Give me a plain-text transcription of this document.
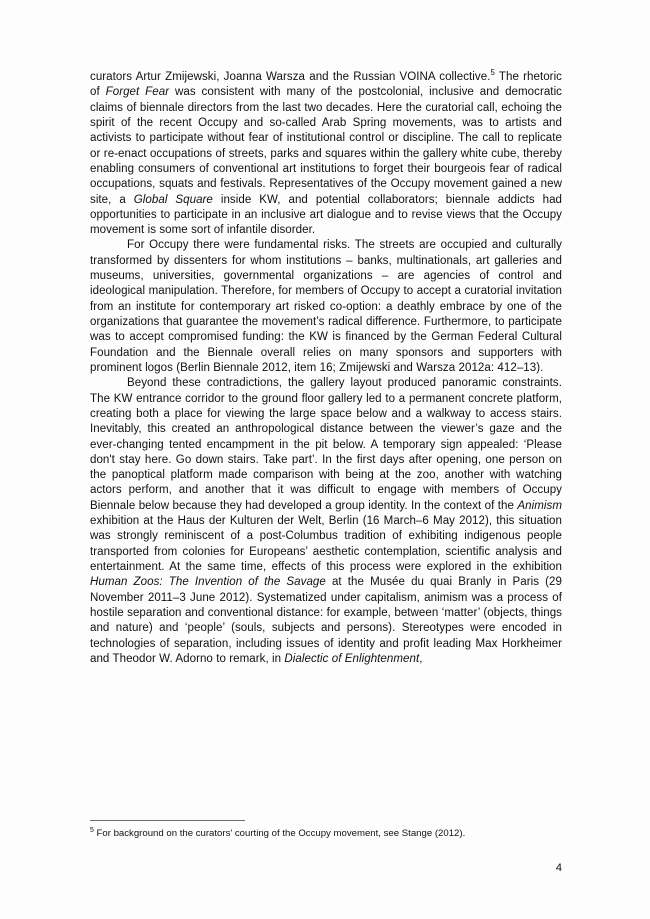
curators Artur Zmijewski, Joanna Warsza and the Russian VOINA collective.$^5$ The rhetoric of Forget Fear was consistent with many of the postcolonial, inclusive and democratic claims of biennale directors from the last two decades. Here the curatorial call, echoing the spirit of the recent Occupy and so-called Arab Spring movements, was to artists and activists to participate without fear of institutional control or discipline. The call to replicate or re-enact occupations of streets, parks and squares within the gallery white cube, thereby enabling consumers of conventional art institutions to forget their bourgeois fear of radical occupations, squats and festivals. Representatives of the Occupy movement gained a new site, a Global Square inside KW, and potential collaborators; biennale addicts had opportunities to participate in an inclusive art dialogue and to revise views that the Occupy movement is some sort of infantile disorder.

For Occupy there were fundamental risks. The streets are occupied and culturally transformed by dissenters for whom institutions – banks, multinationals, art galleries and museums, universities, governmental organizations – are agencies of control and ideological manipulation. Therefore, for members of Occupy to accept a curatorial invitation from an institute for contemporary art risked co-option: a deathly embrace by one of the organizations that guarantee the movement’s radical difference. Furthermore, to participate was to accept compromised funding: the KW is financed by the German Federal Cultural Foundation and the Biennale overall relies on many sponsors and supporters with prominent logos (Berlin Biennale 2012, item 16; Zmijewski and Warsza 2012a: 412–13).

Beyond these contradictions, the gallery layout produced panoramic constraints. The KW entrance corridor to the ground floor gallery led to a permanent concrete platform, creating both a place for viewing the large space below and a walkway to access stairs. Inevitably, this created an anthropological distance between the viewer’s gaze and the ever-changing tented encampment in the pit below. A temporary sign appealed: ‘Please don't stay here. Go down stairs. Take part’. In the first days after opening, one person on the panoptical platform made comparison with being at the zoo, another with watching actors perform, and another that it was difficult to engage with members of Occupy Biennale below because they had developed a group identity. In the context of the Animism exhibition at the Haus der Kulturen der Welt, Berlin (16 March–6 May 2012), this situation was strongly reminiscent of a post-Columbus tradition of exhibiting indigenous people transported from colonies for Europeans’ aesthetic contemplation, scientific analysis and entertainment. At the same time, effects of this process were explored in the exhibition Human Zoos: The Invention of the Savage at the Musée du quai Branly in Paris (29 November 2011–3 June 2012). Systematized under capitalism, animism was a process of hostile separation and conventional distance: for example, between ‘matter’ (objects, things and nature) and ‘people’ (souls, subjects and persons). Stereotypes were encoded in technologies of separation, including issues of identity and profit leading Max Horkheimer and Theodor W. Adorno to remark, in Dialectic of Enlightenment,

$^5$ For background on the curators' courting of the Occupy movement, see Stange (2012).

4
